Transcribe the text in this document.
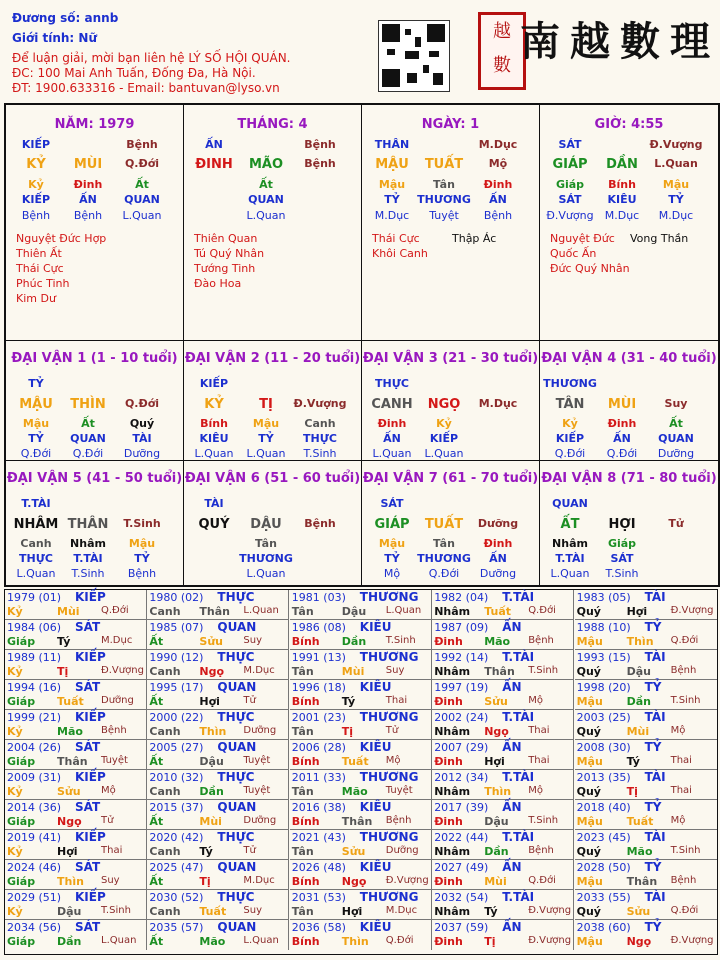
Đương số: annb
Giới tính: Nữ
Để luận giải, mời bạn liên hệ LÝ SỐ HỘI QUÁN.
ĐC: 100 Mai Anh Tuấn, Đống Đa, Hà Nội.
ĐT: 1900.633316 - Email: bantuvan@lyso.vn
越
數
南越數理
NĂM: 1979
KIẾP	Bệnh
KỶ	MÙI	Q.Đới
Kỷ	Đinh	Ất
KIẾP	ẤN	QUAN
Bệnh	Bệnh	L.Quan
Nguyệt Đức Hợp
Thiên Ất
Thái Cực
Phúc Tinh
Kim Dư
THÁNG: 4
ẤN	Bệnh
ĐINH	MÃO	Bệnh
Ất
QUAN
L.Quan
Thiên Quan
Tú Quý Nhân
Tướng Tinh
Đào Hoa
NGÀY: 1
THÂN	M.Dục
MẬU	TUẤT	Mộ
Mậu	Tân	Đinh
TỶ	THƯƠNG	ẤN
M.Dục	Tuyệt	Bệnh
Thái Cực
Khôi Canh
Thập Ác
GIỜ: 4:55
SÁT	Đ.Vượng
GIÁP	DẦN	L.Quan
Giáp	Bính	Mậu
SÁT	KIÊU	TỶ
Đ.Vượng	M.Dục	M.Dục
Nguyệt Đức
Quốc Ấn
Đức Quý Nhân
Vong Thần
ĐẠI VẬN 1 (1 - 10 tuổi)
TỶ
MẬU	THÌN	Q.Đới
Mậu	Ất	Quý
TỶ	QUAN	TÀI
Q.Đới	Q.Đới	Dưỡng
ĐẠI VẬN 2 (11 - 20 tuổi)
KIẾP
KỶ	TỊ	Đ.Vượng
Bính	Mậu	Canh
KIÊU	TỶ	THỰC
L.Quan	L.Quan	T.Sinh
ĐẠI VẬN 3 (21 - 30 tuổi)
THỰC
CANH	NGỌ	M.Dục
Đinh	Kỷ
ẤN	KIẾP
L.Quan	L.Quan
ĐẠI VẬN 4 (31 - 40 tuổi)
THƯƠNG
TÂN	MÙI	Suy
Kỷ	Đinh	Ất
KIẾP	ẤN	QUAN
Q.Đới	Q.Đới	Dưỡng
ĐẠI VẬN 5 (41 - 50 tuổi)
T.TÀI
NHÂM THÂN	T.Sinh
Canh	Nhâm	Mậu
THỰC	T.TÀI	TỶ
L.Quan	T.Sinh	Bệnh
ĐẠI VẬN 6 (51 - 60 tuổi)
TÀI
QUÝ	DẬU	Bệnh
Tân
THƯƠNG
L.Quan
ĐẠI VẬN 7 (61 - 70 tuổi)
SÁT
GIÁP	TUẤT	Dưỡng
Mậu	Tân	Đinh
TỶ	THƯƠNG	ẤN
Mộ	Q.Đới	Dưỡng
ĐẠI VẬN 8 (71 - 80 tuổi)
QUAN
ẤT	HỢI	Tử
Nhâm	Giáp
T.TÀI	SÁT
L.Quan	T.Sinh
1979 (01) KIẾP
Kỷ	Mùi Q.Đới
1980 (02) THỰC
Canh Thân L.Quan
1981 (03) THƯƠNG
Tân	Dậu L.Quan
1982 (04) T.TÀI
Nhâm Tuất Q.Đới
1983 (05) TÀI
Quý Hợi Đ.Vượng
1984 (06) SÁT
Giáp Tý	M.Dục
1985 (07) QUAN
Ất	Sửu Suy
1986 (08) KIÊU
Bính Dần T.Sinh
1987 (09) ẤN
Đinh Mão Bệnh
1988 (10) TỶ
Mậu Thìn Q.Đới
1989 (11) KIẾP
Kỷ	Tị	Đ.Vượng
1990 (12) THỰC
Canh Ngọ M.Dục
1991 (13) THƯƠNG
Tân	Mùi Suy
1992 (14) T.TÀI
Nhâm Thân T.Sinh
1993 (15) TÀI
Quý Dậu Bệnh
1994 (16) SÁT
Giáp Tuất Dưỡng
1995 (17) QUAN
Ất	Hợi Tử
1996 (18) KIÊU
Bính Tý	Thai
1997 (19) ẤN
Đinh Sửu Mộ
1998 (20) TỶ
Mậu Dần T.Sinh
1999 (21) KIẾP
Kỷ	Mão Bệnh
2000 (22) THỰC
Canh Thìn Dưỡng
2001 (23) THƯƠNG
Tân	Tị	Tử
2002 (24) T.TÀI
Nhâm Ngọ Thai
2003 (25) TÀI
Quý Mùi Mộ
2004 (26) SÁT
Giáp Thân Tuyệt
2005 (27) QUAN
Ất	Dậu Tuyệt
2006 (28) KIÊU
Bính Tuất Mộ
2007 (29) ẤN
Đinh Hợi Thai
2008 (30) TỶ
Mậu Tý	Thai
2009 (31) KIẾP
Kỷ	Sửu Mộ
2010 (32) THỰC
Canh Dần Tuyệt
2011 (33) THƯƠNG
Tân	Mão Tuyệt
2012 (34) T.TÀI
Nhâm Thìn Mộ
2013 (35) TÀI
Quý Tị	Thai
2014 (36) SÁT
Giáp Ngọ Tử
2015 (37) QUAN
Ất	Mùi Dưỡng
2016 (38) KIÊU
Bính Thân Bệnh
2017 (39) ẤN
Đinh Dậu T.Sinh
2018 (40) TỶ
Mậu Tuất Mộ
2019 (41) KIẾP
Kỷ	Hợi Thai
2020 (42) THỰC
Canh Tý	Tử
2021 (43) THƯƠNG
Tân	Sửu Dưỡng
2022 (44) T.TÀI
Nhâm Dần Bệnh
2023 (45) TÀI
Quý Mão T.Sinh
2024 (46) SÁT
Giáp Thìn Suy
2025 (47) QUAN
Ất	Tị	M.Dục
2026 (48) KIÊU
Bính Ngọ Đ.Vượng
2027 (49) ẤN
Đinh Mùi Q.Đới
2028 (50) TỶ
Mậu Thân Bệnh
2029 (51) KIẾP
Kỷ	Dậu T.Sinh
2030 (52) THỰC
Canh Tuất Suy
2031 (53) THƯƠNG
Tân	Hợi M.Dục
2032 (54) T.TÀI
Nhâm Tý	Đ.Vượng
2033 (55) TÀI
Quý Sửu Q.Đới
2034 (56) SÁT
Giáp Dần L.Quan
2035 (57) QUAN
Ất	Mão L.Quan
2036 (58) KIÊU
Bính Thìn Q.Đới
2037 (59) ẤN
Đinh Tị	Đ.Vượng
2038 (60) TỶ
Mậu Ngọ Đ.Vượng
